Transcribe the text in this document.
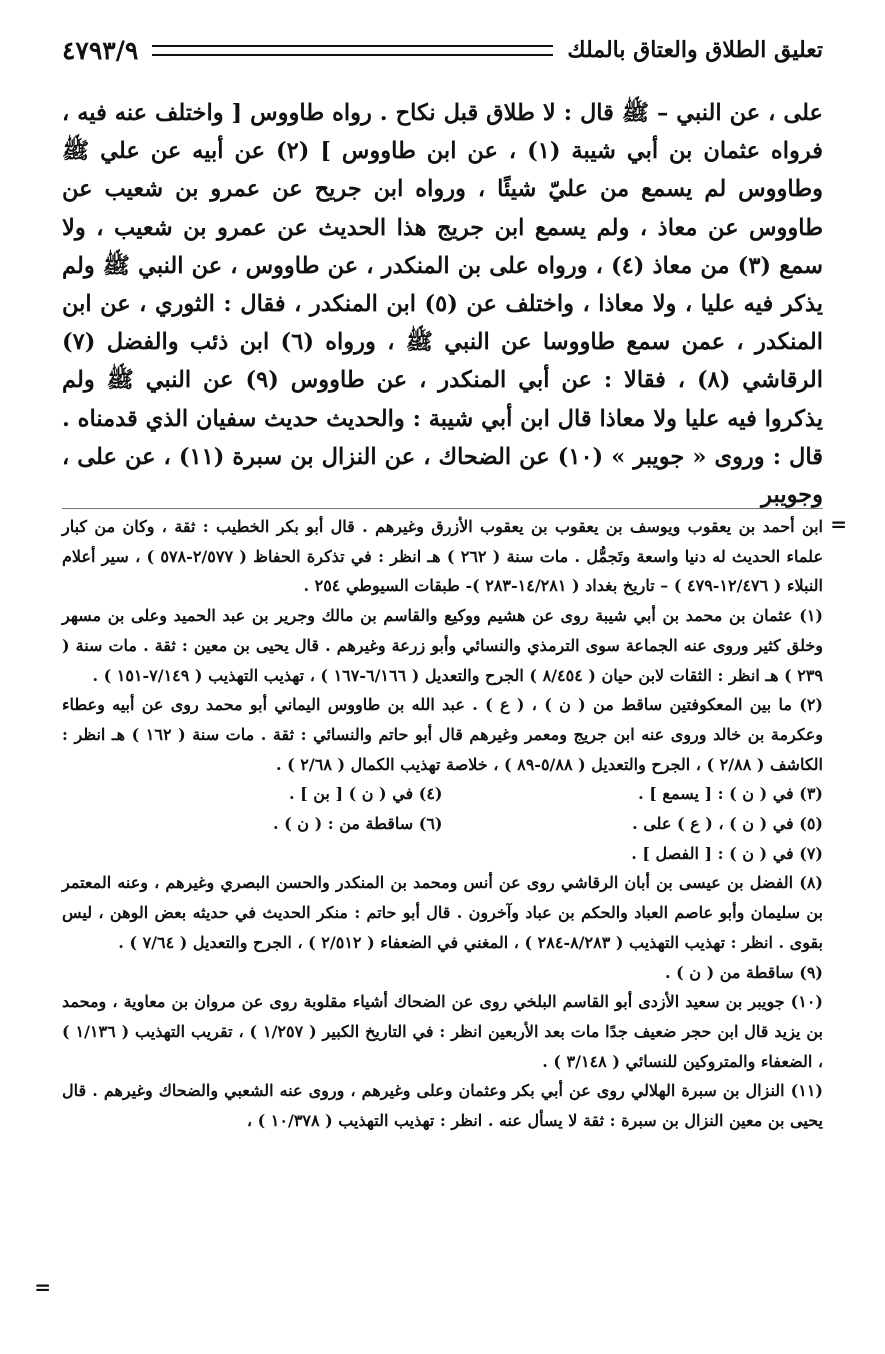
تعليق الطلاق والعتاق بالملك
٤٧٩٣/٩

على ، عن النبي – ﷺ قال : لا طلاق قبل نكاح . رواه طاووس [ واختلف عنه فيه ، فرواه عثمان بن أبي شيبة (١) ، عن ابن طاووس ] (٢) عن أبيه عن علي ﷺ وطاووس لم يسمع من عليّ شيئًا ، ورواه ابن جريح عن عمرو بن شعيب عن طاووس عن معاذ ، ولم يسمع ابن جريج هذا الحديث عن عمرو بن شعيب ، ولا سمع (٣) من معاذ (٤) ، ورواه على بن المنكدر ، عن طاووس ، عن النبي ﷺ ولم يذكر فيه عليا ، ولا معاذا ، واختلف عن (٥) ابن المنكدر ، فقال : الثوري ، عن ابن المنكدر ، عمن سمع طاووسا عن النبي ﷺ ، ورواه (٦) ابن ذئب والفضل (٧) الرقاشي (٨) ، فقالا : عن أبي المنكدر ، عن طاووس (٩) عن النبي ﷺ ولم يذكروا فيه عليا ولا معاذا قال ابن أبي شيبة : والحديث حديث سفيان الذي قدمناه . قال : وروى « جويبر » (١٠) عن الضحاك ، عن النزال بن سبرة (١١) ، عن على ، وجويبر

=
=

ابن أحمد بن يعقوب ويوسف بن يعقوب بن يعقوب الأزرق وغيرهم . قال أبو بكر الخطيب : ثقة ، وكان من كبار علماء الحديث له دنيا واسعة وتَجمُّل . مات سنة ( ٢٦٢ ) هـ انظر : في تذكرة الحفاظ ( ٢/٥٧٧-٥٧٨ ) ، سير أعلام النبلاء ( ١٢/٤٧٦-٤٧٩ ) – تاريخ بغداد ( ١٤/٢٨١-٢٨٣ )- طبقات السيوطي ٢٥٤ .

(١) عثمان بن محمد بن أبي شيبة روى عن هشيم ووكيع والقاسم بن مالك وجرير بن عبد الحميد وعلى بن مسهر وخلق كثير وروى عنه الجماعة سوى الترمذي والنسائي وأبو زرعة وغيرهم . قال يحيى بن معين : ثقة . مات سنة ( ٢٣٩ ) هـ انظر : الثقات لابن حيان ( ٨/٤٥٤ ) الجرح والتعديل ( ٦/١٦٦-١٦٧ ) ، تهذيب التهذيب ( ٧/١٤٩-١٥١ ) .

(٢) ما بين المعكوفتين ساقط من ( ن ) ، ( ع ) . عبد الله بن طاووس اليماني أبو محمد روى عن أبيه وعطاء وعكرمة بن خالد وروى عنه ابن جريج ومعمر وغيرهم قال أبو حاتم والنسائي : ثقة . مات سنة ( ١٦٢ ) هـ انظر : الكاشف ( ٢/٨٨ ) ، الجرح والتعديل ( ٥/٨٨-٨٩ ) ، خلاصة تهذيب الكمال ( ٢/٦٨ ) .

(٣) في ( ن ) : [ يسمع ] .
(٤) في ( ن ) [ بن ] .
(٥) في ( ن ) ، ( ع ) على .
(٦) ساقطة من : ( ن ) .
(٧) في ( ن ) : [ الفصل ] .

(٨) الفضل بن عيسى بن أبان الرقاشي روى عن أنس ومحمد بن المنكدر والحسن البصري وغيرهم ، وعنه المعتمر بن سليمان وأبو عاصم العباد والحكم بن عباد وآخرون . قال أبو حاتم : منكر الحديث في حديثه بعض الوهن ، ليس بقوى . انظر : تهذيب التهذيب ( ٨/٢٨٣-٢٨٤ ) ، المغني في الضعفاء ( ٢/٥١٢ ) ، الجرح والتعديل ( ٧/٦٤ ) .

(٩) ساقطة من ( ن ) .

(١٠) جويبر بن سعيد الأزدى أبو القاسم البلخي روى عن الضحاك أشياء مقلوبة روى عن مروان بن معاوية ، ومحمد بن يزيد قال ابن حجر ضعيف جدًا مات بعد الأربعين انظر : في التاريخ الكبير ( ١/٢٥٧ ) ، تقريب التهذيب ( ١/١٣٦ ) ، الضعفاء والمتروكين للنسائي ( ٣/١٤٨ ) .

(١١) النزال بن سبرة الهلالي روى عن أبي بكر وعثمان وعلى وغيرهم ، وروى عنه الشعبي والضحاك وغيرهم . قال يحيى بن معين النزال بن سبرة : ثقة لا يسأل عنه . انظر : تهذيب التهذيب ( ١٠/٣٧٨ ) ،
